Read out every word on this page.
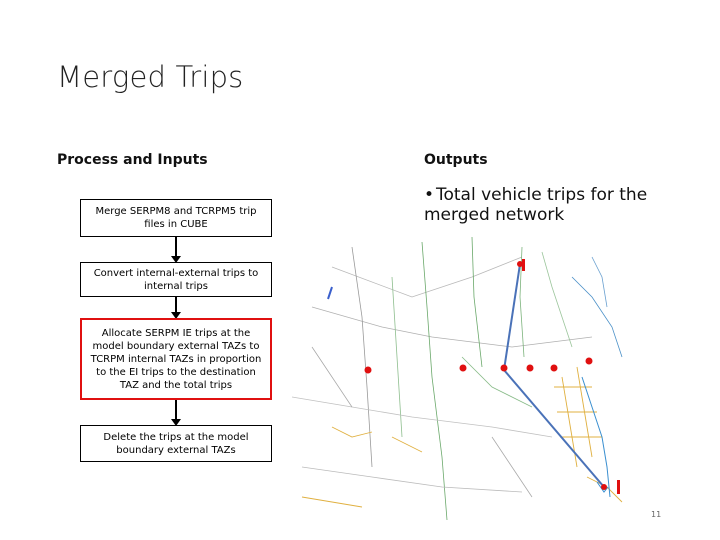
Merged Trips
Process and Inputs	Outputs
• Total vehicle trips for the merged network
Merge SERPM8 and TCRPM5 trip files in CUBE
Convert internal-external trips to internal trips
Allocate SERPM IE trips at the model boundary external TAZs to TCRPM internal TAZs in proportion to the EI trips to the destination TAZ and the total trips
Delete the trips at the model boundary external TAZs
11
